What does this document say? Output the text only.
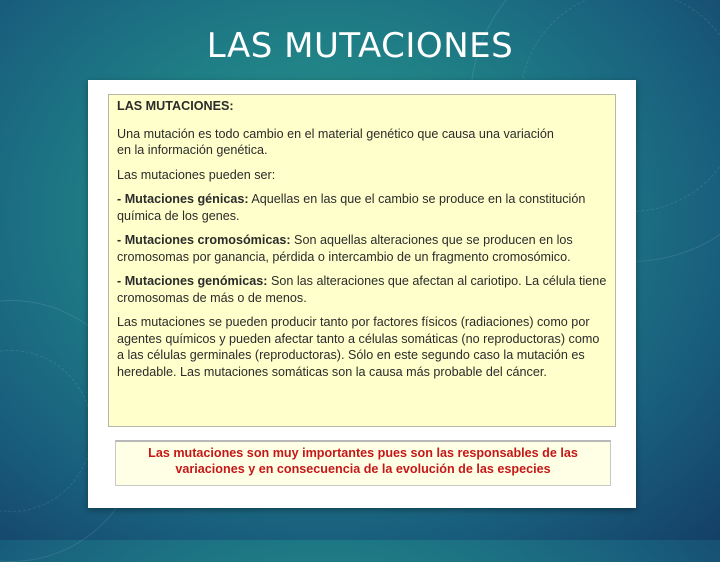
LAS MUTACIONES

LAS MUTACIONES:

Una mutación es todo cambio en el material genético que causa una variación
en la información genética.

Las mutaciones pueden ser:

- Mutaciones génicas: Aquellas en las que el cambio se produce en la constitución química de los genes.

- Mutaciones cromosómicas: Son aquellas alteraciones que se producen en los cromosomas por ganancia, pérdida o intercambio de un fragmento cromosómico.

- Mutaciones genómicas: Son las alteraciones que afectan al cariotipo. La célula tiene cromosomas de más o de menos.

Las mutaciones se pueden producir tanto por factores físicos (radiaciones) como por agentes químicos y pueden afectar tanto a células somáticas (no reproductoras) como a las células germinales (reproductoras). Sólo en este segundo caso la mutación es heredable. Las mutaciones somáticas son la causa más probable del cáncer.

Las mutaciones son muy importantes pues son las responsables de las
variaciones y en consecuencia de la evolución de las especies
